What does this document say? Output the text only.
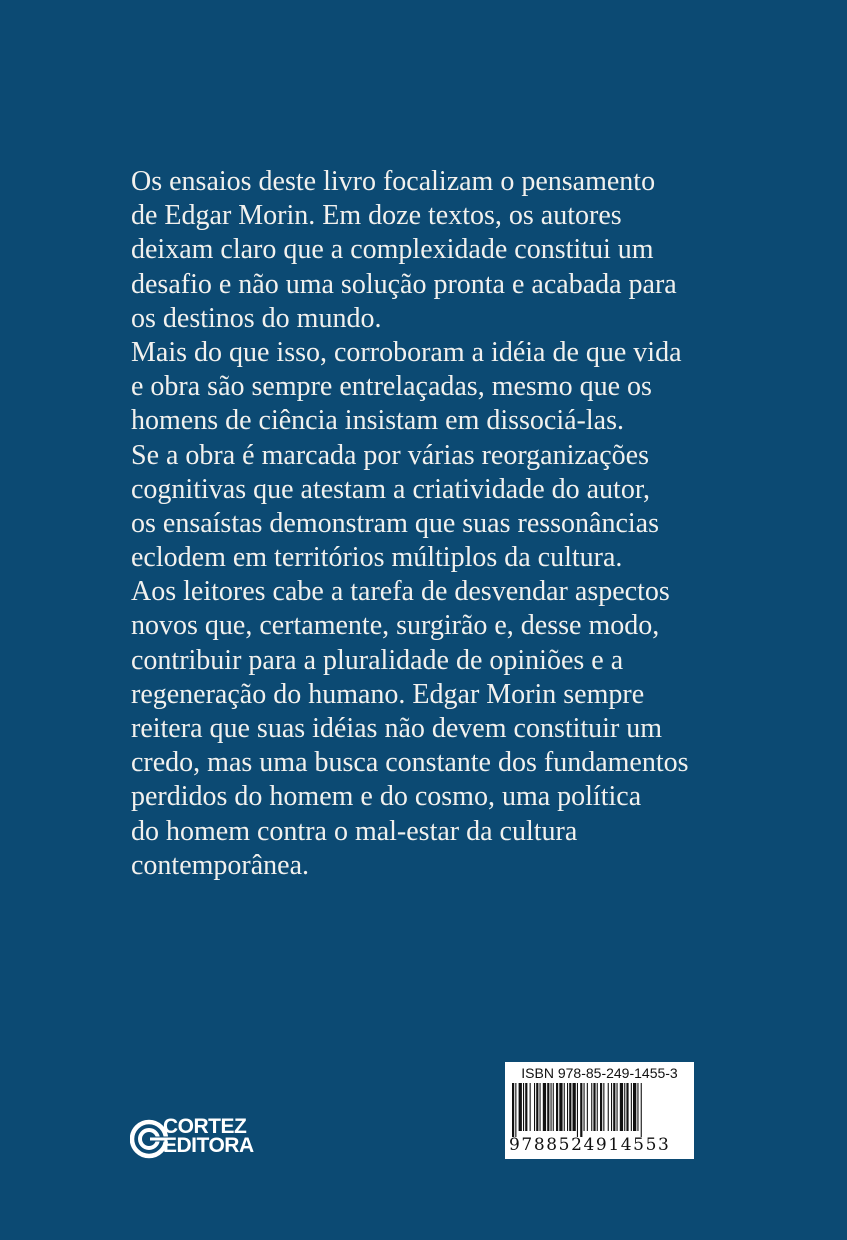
Os ensaios deste livro focalizam o pensamento
de Edgar Morin. Em doze textos, os autores
deixam claro que a complexidade constitui um
desafio e não uma solução pronta e acabada para
os destinos do mundo.
Mais do que isso, corroboram a idéia de que vida
e obra são sempre entrelaçadas, mesmo que os
homens de ciência insistam em dissociá-las.
Se a obra é marcada por várias reorganizações
cognitivas que atestam a criatividade do autor,
os ensaístas demonstram que suas ressonâncias
eclodem em territórios múltiplos da cultura.
Aos leitores cabe a tarefa de desvendar aspectos
novos que, certamente, surgirão e, desse modo,
contribuir para a pluralidade de opiniões e a
regeneração do humano. Edgar Morin sempre
reitera que suas idéias não devem constituir um
credo, mas uma busca constante dos fundamentos
perdidos do homem e do cosmo, uma política
do homem contra o mal-estar da cultura
contemporânea.
CORTEZ
EDITORA
ISBN 978-85-249-1455-3
9788524914553
